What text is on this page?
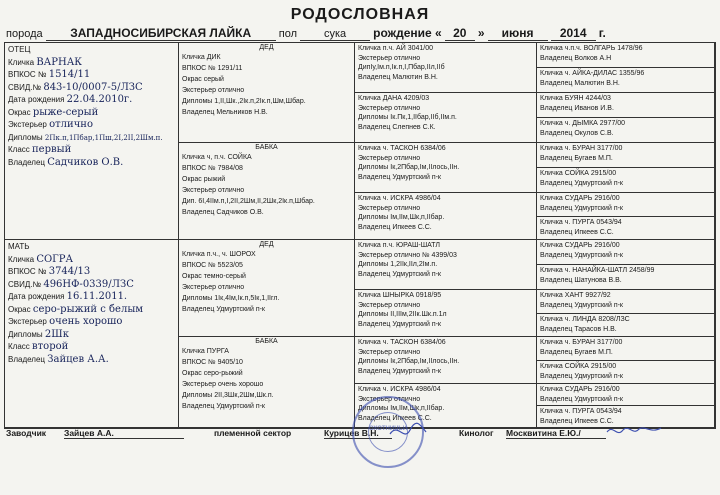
РОДОСЛОВНАЯ
порода ЗАПАДНОСИБИРСКАЯ ЛАЙКА	пол сука рождение « 20 » июня 2014 г.
ОТЕЦ
Кличка ВАРНАК
ВПКОС № 1514/11
СВИД.№ 843-10/0007-5/ЛЗС
Дата рождения 22.04.2010г.
Окрас рыже-серый
Экстерьер отлично
Дипломы 2Пк.п,1Пбар,1Пш,2I,2II,2Шм.п.
Класс первый
Владелец Садчиков О.В.
МАТЬ
Кличка СОГРА
ВПКОС № 3744/13
СВИД.№ 496НФ-0339/ЛЗС
Дата рождения 16.11.2011.
Окрас серо-рыжий с белым
Экстерьер очень хорошо
Дипломы 2Шк
Класс второй
Владелец Зайцев А.А.
ДЕД
Кличка ДИК
ВПКОС № 1291/11
Окрас серый
Экстерьер отлично
Дипломы 1,II,Шк.,2Iк.п,2Iк.п,Шм,Шбар.
Владелец Мельников Н.В.
БАБКА
Кличка ч, п.ч. СОЙКА
ВПКОС № 7984/08
Окрас рыжий
Экстерьер отлично
Дип. 6I,4IIм.п,I,2II,2Шм,II,2Шк,2Iк.п,Шбар.
Владелец Садчиков О.В.
ДЕД
Кличка п.ч., ч. ШОРОХ
ВПКОС № 5523/05
Окрас темно-серый
Экстерьер отлично
Дипломы 1Iк,4Iм,Iк.п,5Iк,1,IIгл.
Владелец Удмуртский п-к
БАБКА
Кличка ПУРГА
ВПКОС № 9405/10
Окрас серо-рыжий
Экстерьер очень хорошо
Дипломы 2II,3Шк,2Шм,Шк.п.
Владелец Удмуртский п-к
Кличка п.ч. АЙ 3041/00
Экстерьер отлично
ДипIу,Iм.п,Iк.п,I,Пбар,IIл,IIб
Владелец Малютин В.Н.
Кличка ДАНА 4209/03
Экстерьер отлично
Дипломы Iк.Пк,1,IIбар,IIб,IIм.п.
Владелец Слепнев С.К.
Кличка ч. ТАСКОН 6384/06
Экстерьер отлично
Дипломы Iк,2Пбар,Iм,IIлось,IIн.
Владелец Удмуртский п-к
Кличка ч. ИСКРА 4986/04
Экстерьер отлично
Дипломы Iм,IIм,Шк,п,IIбар.
Владелец Ипкеев С.С.
Кличка п.ч. ЮРАШ-ШАТЛ
Экстерьер отлично № 4399/03
Дипломы 1,2IIк,IIл,2Iм.п.
Владелец Удмуртский п-к
Кличка ШНЫРКА 0918/95
Экстерьер отлично
Дипломы II,IIIм,2IIк.Шк.п.1л
Владелец Удмуртский п-к
Кличка ч. ТАСКОН 6384/06
Экстерьер отлично
Дипломы Iк,2Пбар,Iм,IIлось,IIн.
Владелец Удмуртский п-к
Кличка ч. ИСКРА 4986/04
Экстерьер отлично
Дипломы Iм,IIм,Шк,п,IIбар.
Владелец Ипкеев С.С.
Кличка ч.п.ч. ВОЛГАРЬ 1478/96
Владелец Волков А.Н
Кличка ч. АЙКА-ДИЛАС 1355/96
Владелец Малютин В.Н.
Кличка БУЯН 4244/03
Владелец Иванов И.В.
Кличка ч. ДЫМКА 2977/00
Владелец Окулов С.В.
Кличка ч. БУРАН 3177/00
Владелец Бугаев М.П.
Кличка СОЙКА 2915/00
Владелец Удмуртский п-к
Кличка СУДАРЬ 2916/00
Владелец Удмуртский п-к
Кличка ч. ПУРГА 0543/94
Владелец Ипкеев С.С.
Кличка СУДАРЬ 2916/00
Владелец Удмуртский п-к
Кличка ч. НАНАЙКА-ШАТЛ 2458/99
Владелец Шатунова В.В.
Кличка ХАНТ 9927/92
Владелец Удмуртский п-к
Кличка ч. ЛИНДА 8208/ЛЗС
Владелец Тарасов Н.В.
Кличка ч. БУРАН 3177/00
Владелец Бугаев М.П.
Кличка СОЙКА 2915/00
Владелец Удмуртский п-к
Кличка СУДАРЬ 2916/00
Владелец Удмуртский п-к
Кличка ч. ПУРГА 0543/94
Владелец Ипкеев С.С.
Заводчик Зайцев А.А.	племенной сектор	Курицев В.Н.	Кинолог Москвитина Е.Ю./
ОХОТНИЧЬИ
